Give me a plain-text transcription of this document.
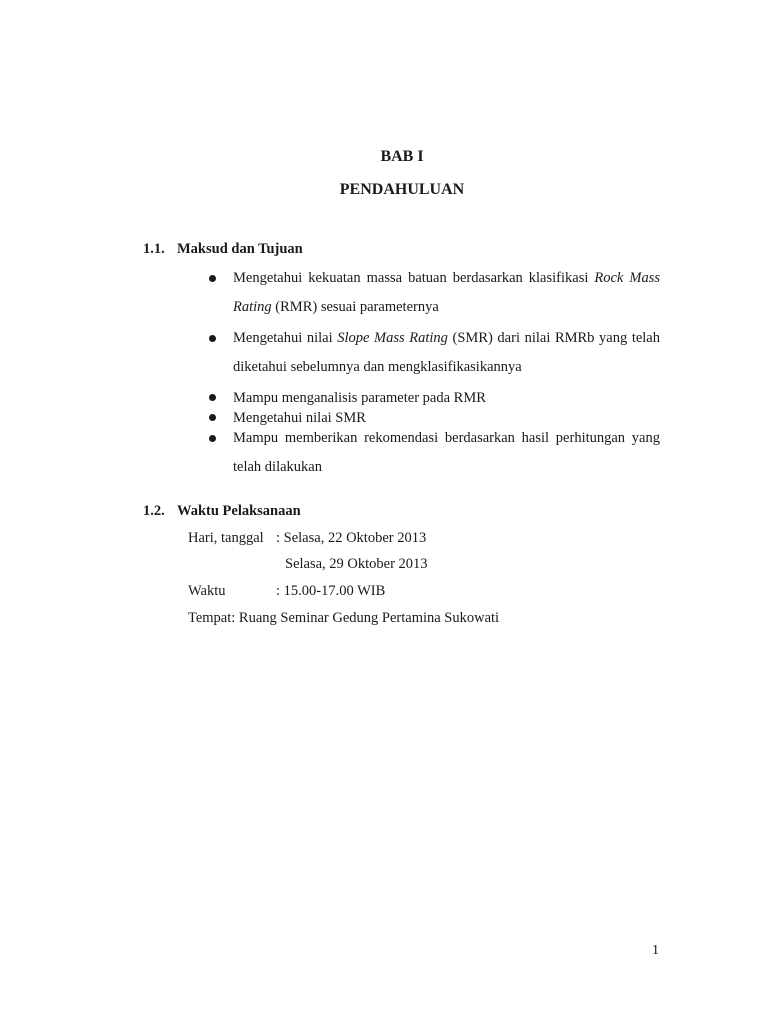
BAB I
PENDAHULUAN
1.1. Maksud dan Tujuan
Mengetahui kekuatan massa batuan berdasarkan klasifikasi Rock Mass Rating (RMR) sesuai parameternya
Mengetahui nilai Slope Mass Rating (SMR) dari nilai RMRb yang telah diketahui sebelumnya dan mengklasifikasikannya
Mampu menganalisis parameter pada RMR
Mengetahui nilai SMR
Mampu memberikan rekomendasi berdasarkan hasil perhitungan yang telah dilakukan
1.2. Waktu Pelaksanaan
Hari, tanggal : Selasa, 22 Oktober 2013
Selasa, 29 Oktober 2013
Waktu	: 15.00-17.00 WIB
Tempat: Ruang Seminar Gedung Pertamina Sukowati
1
